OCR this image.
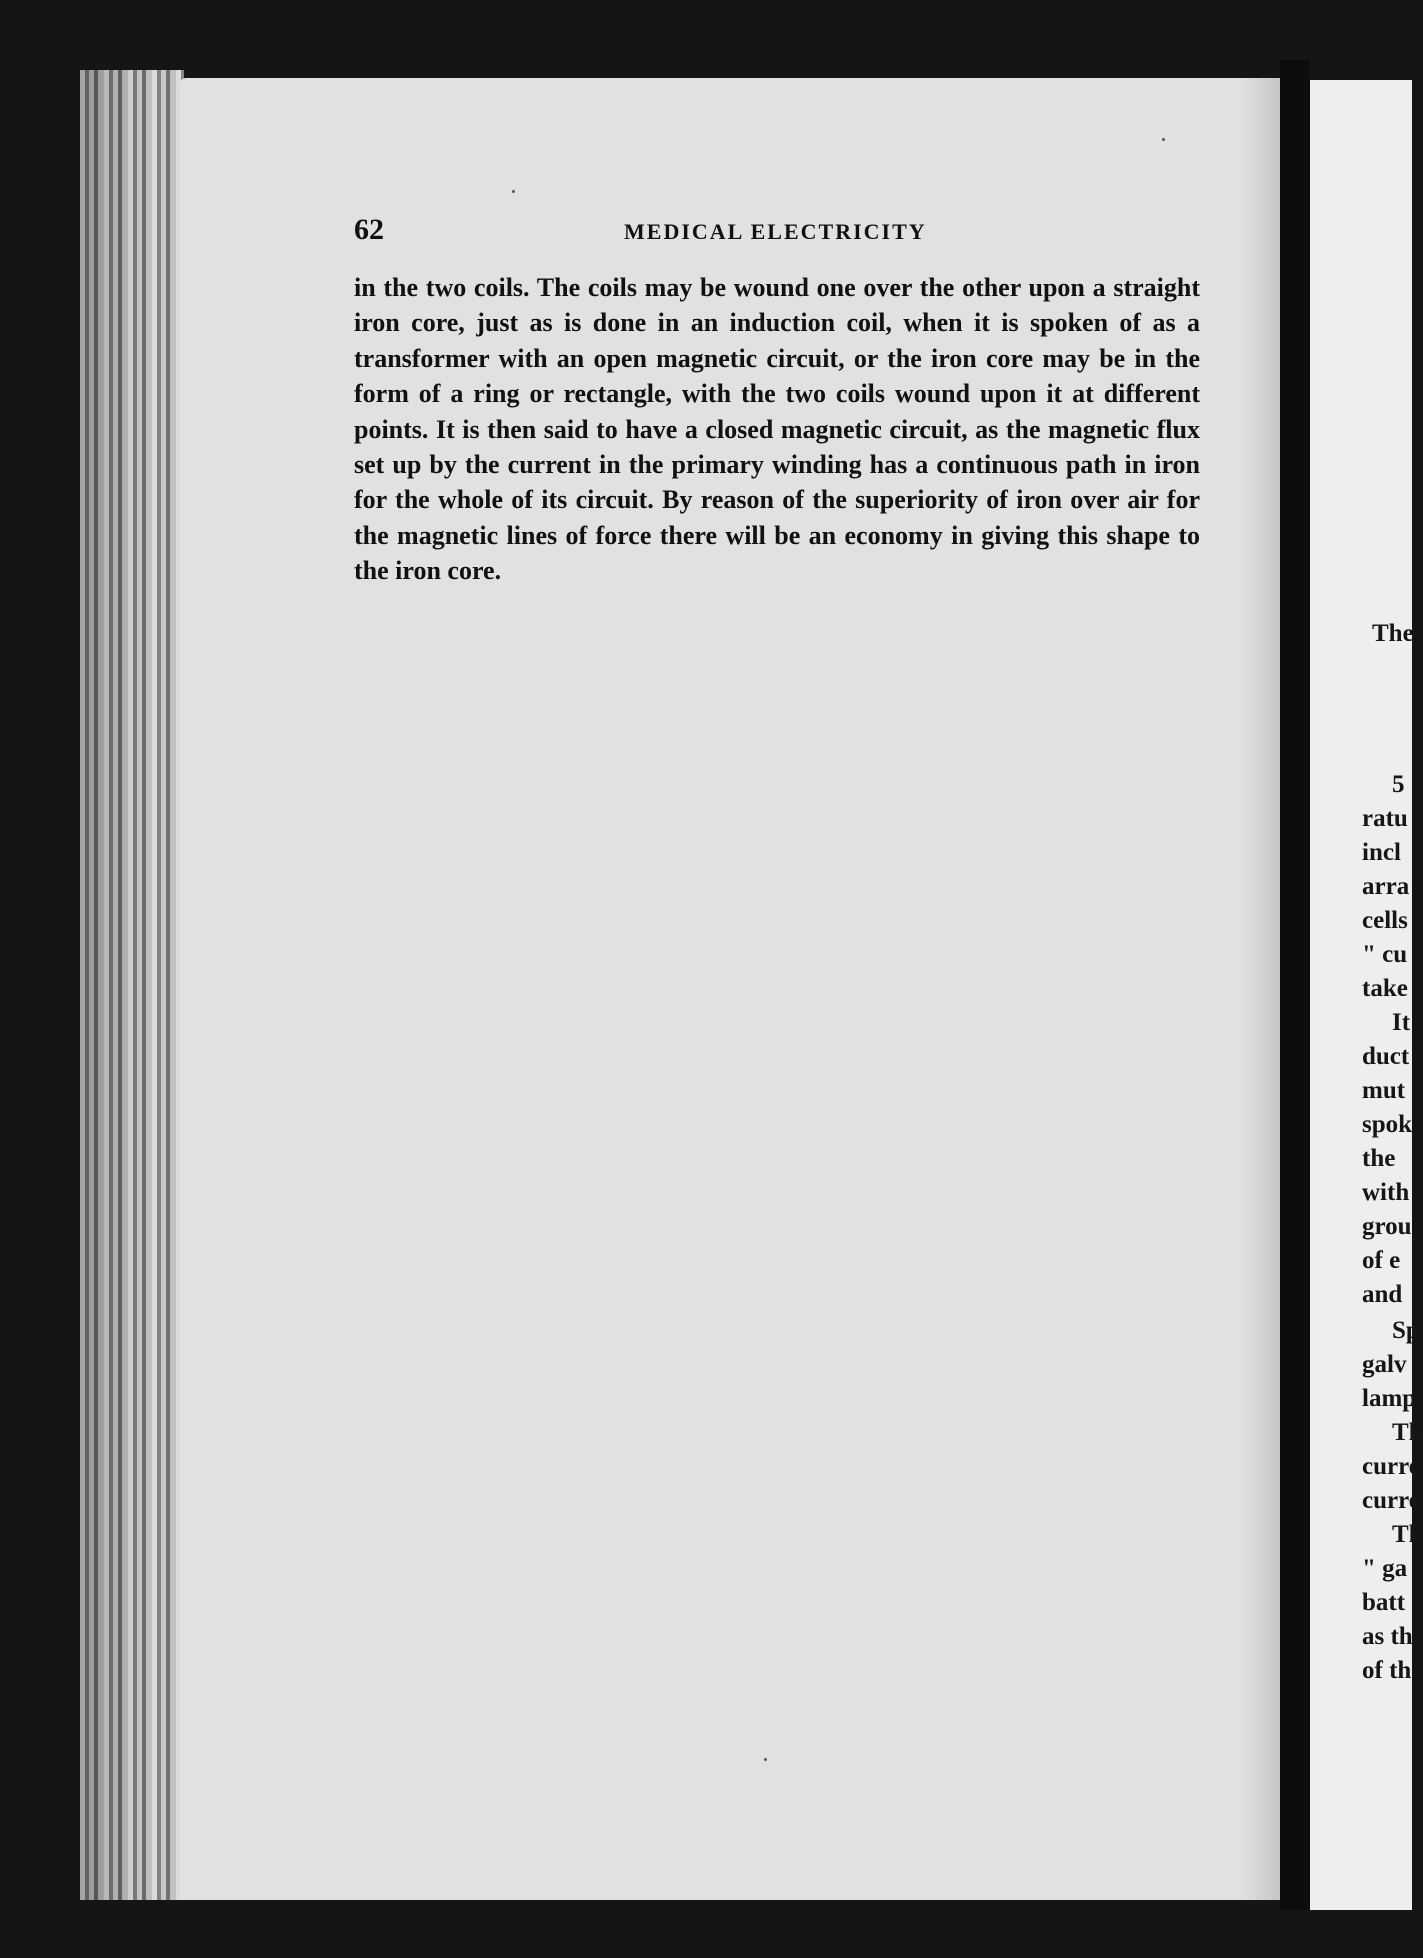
62	MEDICAL ELECTRICITY

in the two coils. The coils may be wound one over the other upon a straight iron core, just as is done in an induction coil, when it is spoken of as a transformer with an open magnetic circuit, or the iron core may be in the form of a ring or rectangle, with the two coils wound upon it at different points. It is then said to have a closed magnetic circuit, as the magnetic flux set up by the current in the primary winding has a continuous path in iron for the whole of its circuit. By reason of the superiority of iron over air for the magnetic lines of force there will be an economy in giving this shape to the iron core.

The
5
ratu
incl
arra
cells
" cu
take
It
duct
mut
spok
the
with
grou
of e
and
Sp
galv
lamp
Th
curre
curre
Th
" ga
batt
as th
of th
